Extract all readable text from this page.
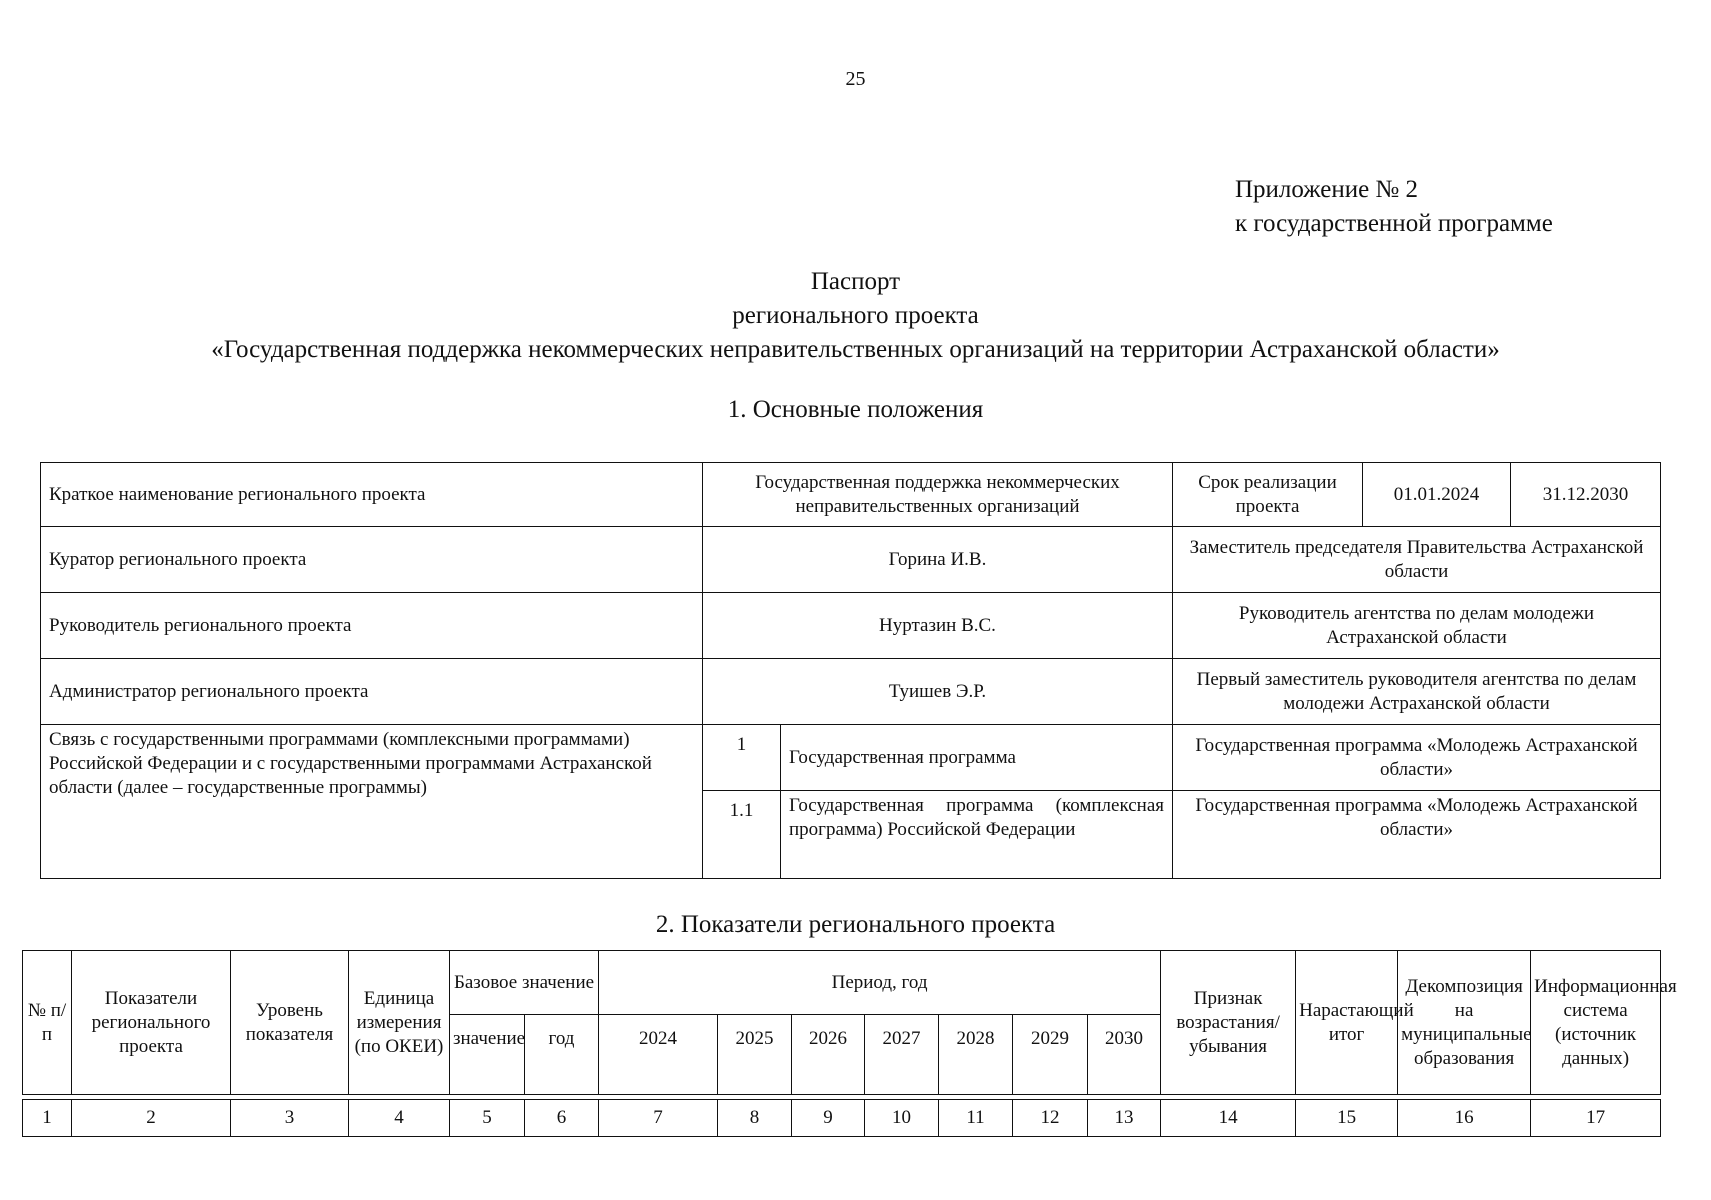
25
Приложение № 2
к государственной программе
Паспорт
регионального проекта
«Государственная поддержка некоммерческих неправительственных организаций на территории Астраханской области»
1. Основные положения
Краткое наименование регионального проекта	Государственная поддержка некоммерческих неправительственных организаций		Срок реализации проекта	01.01.2024	31.12.2030
Куратор регионального проекта	Горина И.В.		Заместитель председателя Правительства Астраханской области		
Руководитель регионального проекта	Нуртазин В.С.		Руководитель агентства по делам молодежи Астраханской области		
Администратор регионального проекта	Туишев Э.Р.		Первый заместитель руководителя агентства по делам молодежи Астраханской области		
Связь с государственными программами (комплексными программами) Российской Федерации и с государственными программами Астраханской области (далее – государственные программы)	1	Государственная программа	Государственная программа «Молодежь Астраханской области»		
	1.1	Государственная программа (комплексная программа) Российской Федерации	Государственная программа «Молодежь Астраханской области»		
2. Показатели регионального проекта
№ п/п	Показатели регионального проекта	Уровень показателя	Единица измерения (по ОКЕИ)	Базовое значение		Период, год							Признак возрастания/убывания	Нарастающий итог	Декомпозиция на муниципальные образования	Информационная система (источник данных)
				значение	год	2024	2025	2026	2027	2028	2029	2030				

1	2	3	4	5	6	7	8	9	10	11	12	13	14	15	16	17
